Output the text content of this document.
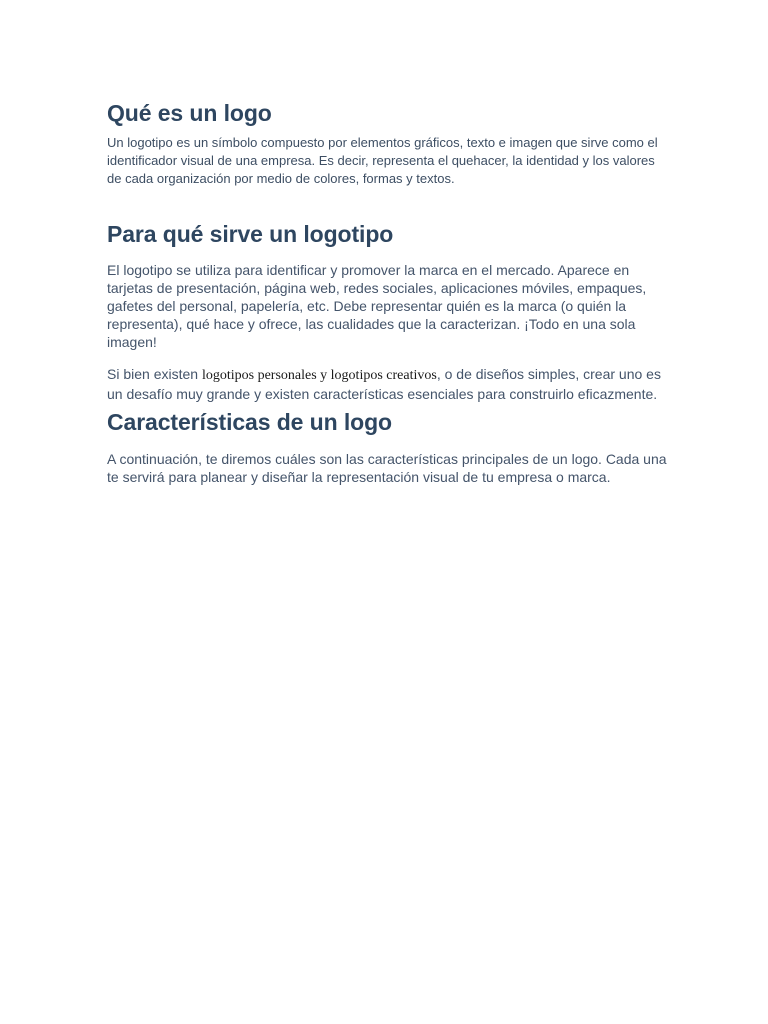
Qué es un logo

Un logotipo es un símbolo compuesto por elementos gráficos, texto e imagen que sirve como el identificador visual de una empresa. Es decir, representa el quehacer, la identidad y los valores de cada organización por medio de colores, formas y textos.

Para qué sirve un logotipo

El logotipo se utiliza para identificar y promover la marca en el mercado. Aparece en tarjetas de presentación, página web, redes sociales, aplicaciones móviles, empaques, gafetes del personal, papelería, etc. Debe representar quién es la marca (o quién la representa), qué hace y ofrece, las cualidades que la caracterizan. ¡Todo en una sola imagen!

Si bien existen logotipos personales y logotipos creativos, o de diseños simples, crear uno es un desafío muy grande y existen características esenciales para construirlo eficazmente.

Características de un logo

A continuación, te diremos cuáles son las características principales de un logo. Cada una te servirá para planear y diseñar la representación visual de tu empresa o marca.
